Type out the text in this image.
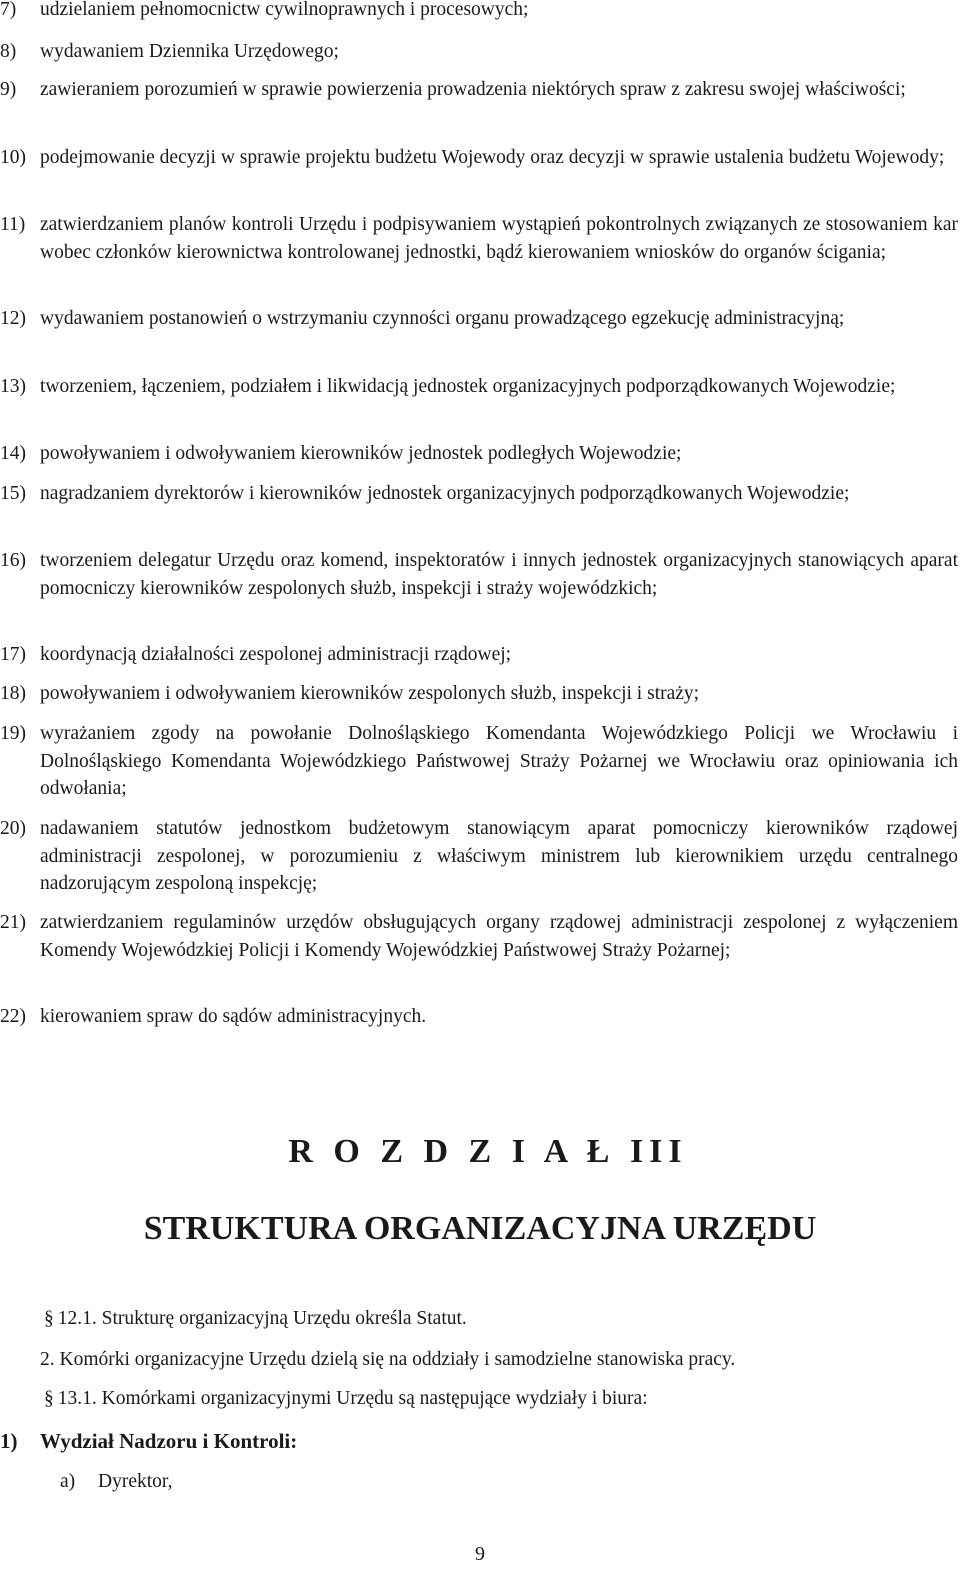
7)	udzielaniem pełnomocnictw cywilnoprawnych i procesowych;
8)	wydawaniem Dziennika Urzędowego;
9)	zawieraniem porozumień w sprawie powierzenia prowadzenia niektórych spraw z zakresu swojej właściwości;
10) podejmowanie decyzji w sprawie projektu budżetu Wojewody oraz decyzji w sprawie ustalenia budżetu Wojewody;
11) zatwierdzaniem planów kontroli Urzędu i podpisywaniem wystąpień pokontrolnych związanych ze stosowaniem kar wobec członków kierownictwa kontrolowanej jednostki, bądź kierowaniem wniosków do organów ścigania;
12) wydawaniem postanowień o wstrzymaniu czynności organu prowadzącego egzekucję administracyjną;
13) tworzeniem, łączeniem, podziałem i likwidacją jednostek organizacyjnych podporządkowanych Wojewodzie;
14) powoływaniem i odwoływaniem kierowników jednostek podległych Wojewodzie;
15) nagradzaniem dyrektorów i kierowników jednostek organizacyjnych podporządkowanych Wojewodzie;
16) tworzeniem delegatur Urzędu oraz komend, inspektoratów i innych jednostek organizacyjnych stanowiących aparat pomocniczy kierowników zespolonych służb, inspekcji i straży wojewódzkich;
17) koordynacją działalności zespolonej administracji rządowej;
18) powoływaniem i odwoływaniem kierowników zespolonych służb, inspekcji i straży;
19) wyrażaniem zgody na powołanie Dolnośląskiego Komendanta Wojewódzkiego Policji we Wrocławiu i Dolnośląskiego Komendanta Wojewódzkiego Państwowej Straży Pożarnej we Wrocławiu oraz opiniowania ich odwołania;
20) nadawaniem statutów jednostkom budżetowym stanowiącym aparat pomocniczy kierowników rządowej administracji zespolonej, w porozumieniu z właściwym ministrem lub kierownikiem urzędu centralnego nadzorującym zespoloną inspekcję;
21) zatwierdzaniem regulaminów urzędów obsługujących organy rządowej administracji zespolonej z wyłączeniem Komendy Wojewódzkiej Policji i Komendy Wojewódzkiej Państwowej Straży Pożarnej;
22) kierowaniem spraw do sądów administracyjnych.
R O Z D Z I A Ł III
STRUKTURA ORGANIZACYJNA URZĘDU
§ 12.1. Strukturę organizacyjną Urzędu określa Statut.
2. Komórki organizacyjne Urzędu dzielą się na oddziały i samodzielne stanowiska pracy.
§ 13.1. Komórkami organizacyjnymi Urzędu są następujące wydziały i biura:
1) Wydział Nadzoru i Kontroli:
a) Dyrektor,
9
